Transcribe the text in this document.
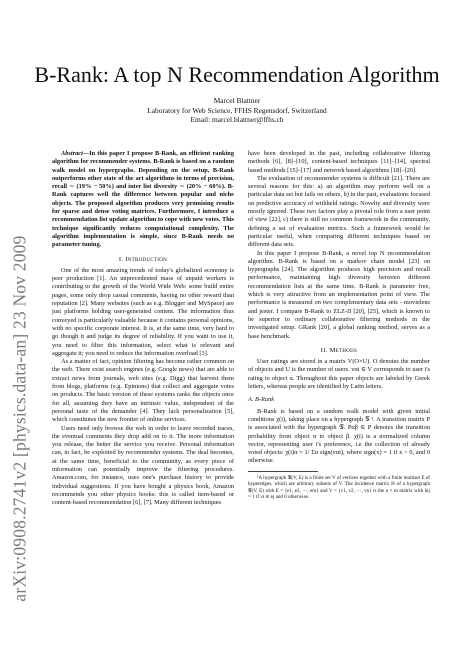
arXiv:0908.2741v2 [physics.data-an] 23 Nov 2009
B-Rank: A top N Recommendation Algorithm
Marcel Blattner
Laboratory for Web Science, FFHS Regensdorf, Switzerland
Email: marcel.blattner@ffhs.ch

Abstract—In this paper I propose B-Rank, an efficient ranking algorithm for recommender systems. B-Rank is based on a random walk model on hypergraphs. Depending on the setup, B-Rank outperforms other state of the art algorithms in terms of precision, recall ∼ (19% − 50%) and inter list diversity ∼ (20% − 60%). B-Rank captures well the difference between popular and niche objects. The proposed algorithm produces very promising results for sparse and dense voting matrices. Furthermore, I introduce a recommendation list update algorithm to cope with new votes. This technique significantly reduces computational complexity. The algorithm implementation is simple, since B-Rank needs no parameter tuning.

I. Introduction

One of the most amazing trends of today's globalized economy is peer production [1]. An unprecedented mass of unpaid workers is contributing to the growth of the World Wide Web: some build entire pages, some only drop casual comments, having no other reward than reputation [2]. Many websites (such as e.g. Blogger and MySpace) are just platforms holding user-generated content. The information thus conveyed is particularly valuable because it contains personal opinions, with no specific corporate interest. It is, at the same time, very hard to go though it and judge its degree of reliability. If you want to use it, you need to filter this information, select what is relevant and aggregate it; you need to reduce the information overload [3].

As a matter of fact, opinion filtering has become rather common on the web. There exist search engines (e.g. Google news) that are able to extract news from journals, web sites (e.g. Digg) that harvest them from blogs, platforms (e.g. Epinions) that collect and aggregate votes on products. The basic version of these systems ranks the objects once for all, assuming they have an intrinsic value, independent of the personal taste of the demander [4]. They lack personalization [5], which constitutes the new frontier of online services.

Users need only browse the web in order to leave recorded traces, the eventual comments they drop add on to it. The more information you release, the better the service you receive. Personal information can, in fact, be exploited by recommender systems. The deal becomes, at the same time, beneficial to the community, as every piece of information can potentially improve the filtering procedures. Amazon.com, for instance, uses one's purchase history to provide individual suggestions. If you have bought a physics book, Amazon recommends you other physics books: this is called item-based or content-based recommendation [6], [7]. Many different techniques

have been developed in the past, including collaborative filtering methods [6], [8]–[10], content-based techniques [11]–[14], spectral based methods [15]–[17] and network based algorithms [18]–[20].

The evaluation of recommender systems is difficult [21]. There are several reasons for this: a) an algorithm may perform well on a particular data set but fails on others, b) in the past, evaluations focused on predictive accuracy of withheld ratings. Novelty and diversity were mostly ignored. These two factors play a pivotal role from a user point of view [22], c) there is still no common framework in the community, defining a set of evaluation metrics. Such a framework would be particular useful, when comparing different techniques based on different data sets.

In this paper I propose B-Rank, a novel top N recommendation algorithm. B-Rank is based on a markov chain model [23] on hypergraphs [24]. The algorithm produces high precision and recall performance, maintaining high diversity between different recommendation lists at the same time. B-Rank is parameter free, which is very attractive from an implementation point of view. The performance is measured on two complementary data sets - movielens and jester. I compare B-Rank to ZLZ-II [20], [25], which is known to be superior to ordinary collaborative filtering methods in the investigated setup. GRank [20], a global ranking method, serves as a base benchmark.

II. Methods

User ratings are stored in a matrix V(O×U). O denotes the number of objects and U is the number of users. vαi ∈ V corresponds to user i's rating to object α. Throughout this paper objects are labeled by Greek letters, whereas people are identified by Latin letters.

A. B-Rank

B-Rank is based on a random walk model with given initial conditions χ(i), taking place on a hypergraph 𝒢 ¹. A transition matrix P is associated with the hypergraph 𝒢. Pαβ ∈ P denotes the transition probability from object α to object β. χ(i) is a normalized column vector, representing user i's preference, i.e the collection of already voted objects: χ(i)α = 1/ Σα sign(vαi), where sign(x) = 1 if x > 0, and 0 otherwise.

¹A hypergraph 𝒢(V, E) is a finite set V of vertices together with a finite multiset E of hyperedges, which are arbitrary subsets of V. The incidence matrix H of a hypergraph 𝒢(V, E) with E = {e1, e2, ···, em} and V = {v1, v2, ···, vn} is the n × m matrix with hij = 1 if vi ∈ ej and 0 otherwise.
